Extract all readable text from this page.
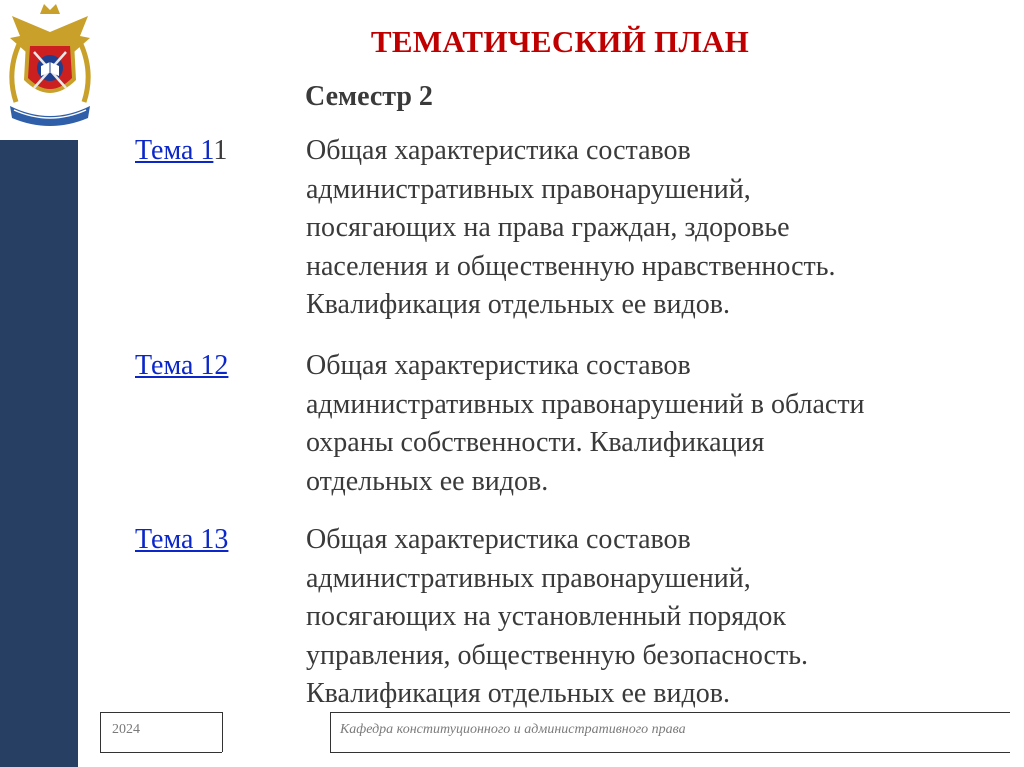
ТЕМАТИЧЕСКИЙ ПЛАН
Семестр 2
Тема 11	Общая характеристика составов
административных правонарушений,
посягающих на права граждан, здоровье
населения и общественную нравственность.
Квалификация отдельных ее видов.
Тема 12	Общая характеристика составов
административных правонарушений в области
охраны собственности. Квалификация
отдельных ее видов.
Тема 13	Общая характеристика составов
административных правонарушений,
посягающих на установленный порядок
управления, общественную безопасность.
Квалификация отдельных ее видов.
2024	Кафедра конституционного и административного права
